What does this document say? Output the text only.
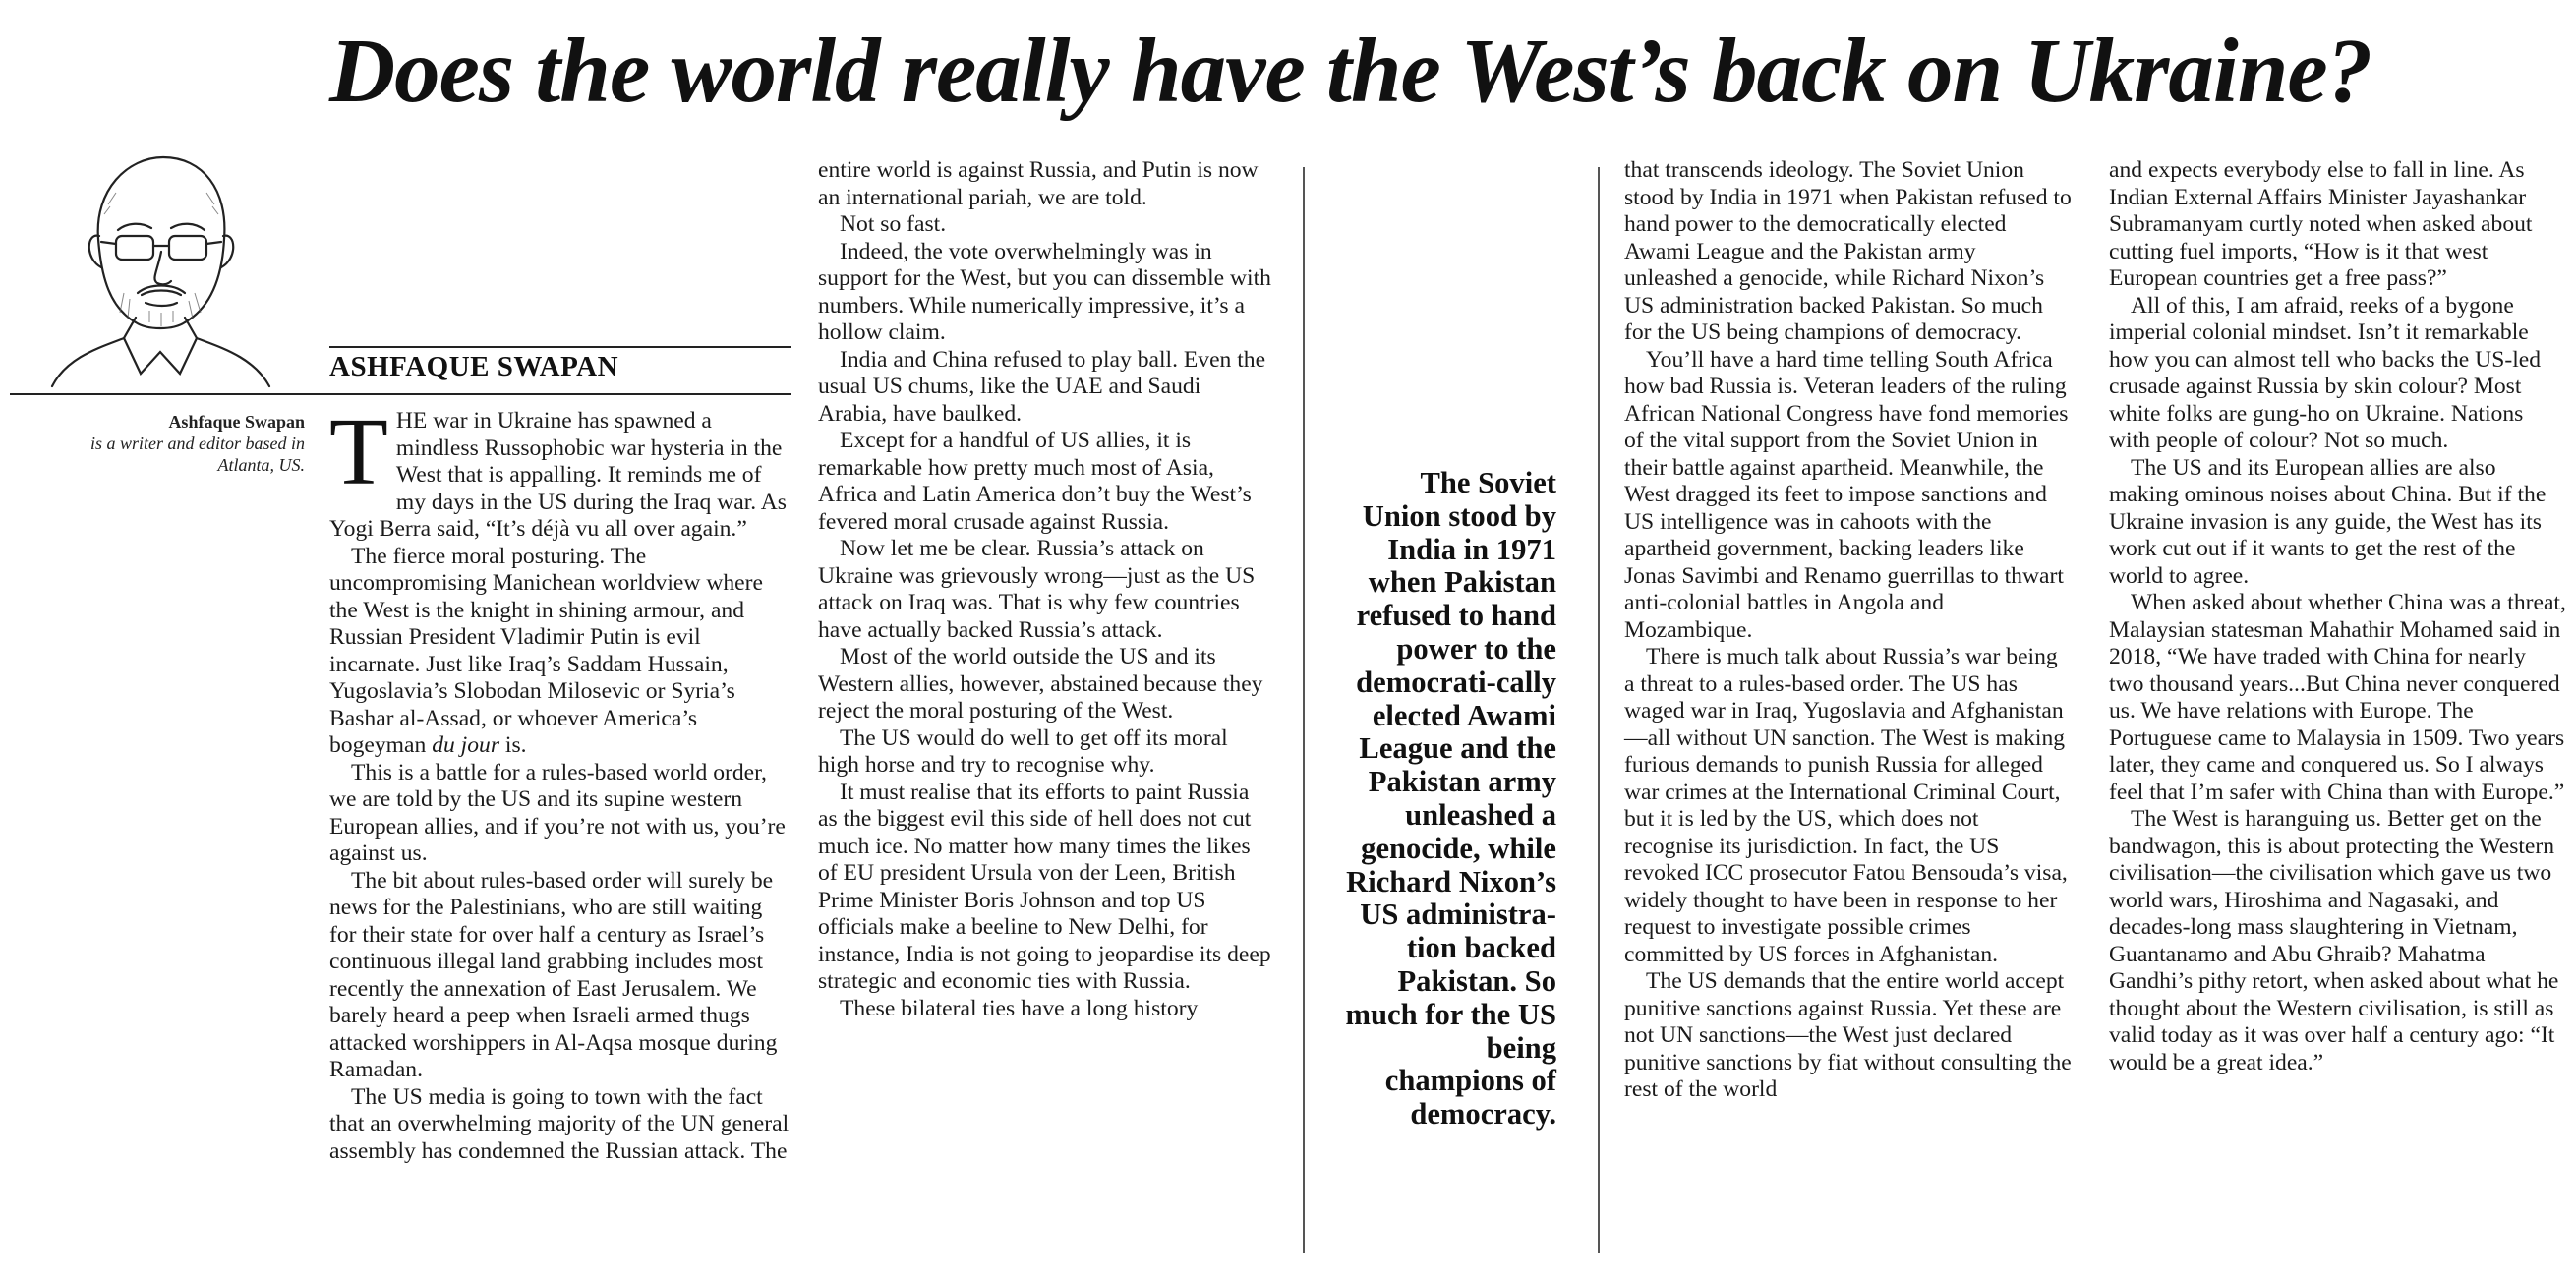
Does the world really have the West’s back on Ukraine?
ASHFAQUE SWAPAN
Ashfaque Swapan
is a writer and editor based in Atlanta, US. THE war in Ukraine has spawned a mindless Russophobic war hysteria in the West that is appalling. It reminds me of my days in the US during the Iraq war. As Yogi Berra said, “It’s déjà vu all over again.”

The fierce moral posturing. The uncompromising Manichean worldview where the West is the knight in shining armour, and Russian President Vladimir Putin is evil incarnate. Just like Iraq’s Saddam Hussain, Yugoslavia’s Slobodan Milosevic or Syria’s Bashar al-Assad, or whoever America’s bogeyman du jour is.

This is a battle for a rules-based world order, we are told by the US and its supine western European allies, and if you’re not with us, you’re against us.

The bit about rules-based order will surely be news for the Palestinians, who are still waiting for their state for over half a century as Israel’s continuous illegal land grabbing includes most recently the annexation of East Jerusalem. We barely heard a peep when Israeli armed thugs attacked worshippers in Al-Aqsa mosque during Ramadan.

The US media is going to town with the fact that an overwhelming majority of the UN general assembly has condemned the Russian attack. The

entire world is against Russia, and Putin is now an international pariah, we are told.

Not so fast.

Indeed, the vote overwhelmingly was in support for the West, but you can dissemble with numbers. While numerically impressive, it’s a hollow claim.

India and China refused to play ball. Even the usual US chums, like the UAE and Saudi Arabia, have baulked.

Except for a handful of US allies, it is remarkable how pretty much most of Asia, Africa and Latin America don’t buy the West’s fevered moral crusade against Russia.

Now let me be clear. Russia’s attack on Ukraine was grievously wrong—just as the US attack on Iraq was. That is why few countries have actually backed Russia’s attack.

Most of the world outside the US and its Western allies, however, abstained because they reject the moral posturing of the West.

The US would do well to get off its moral high horse and try to recognise why.

It must realise that its efforts to paint Russia as the biggest evil this side of hell does not cut much ice. No matter how many times the likes of EU president Ursula von der Leen, British Prime Minister Boris Johnson and top US officials make a beeline to New Delhi, for instance, India is not going to jeopardise its deep strategic and economic ties with Russia.

These bilateral ties have a long history

The Soviet Union stood by India in 1971 when Pakistan refused to hand power to the democrati-cally elected Awami League and the Pakistan army unleashed a genocide, while Richard Nixon’s US administra-tion backed Pakistan. So much for the US being champions of democracy.

that transcends ideology. The Soviet Union stood by India in 1971 when Pakistan refused to hand power to the democratically elected Awami League and the Pakistan army unleashed a genocide, while Richard Nixon’s US administration backed Pakistan. So much for the US being champions of democracy.

You’ll have a hard time telling South Africa how bad Russia is. Veteran leaders of the ruling African National Congress have fond memories of the vital support from the Soviet Union in their battle against apartheid. Meanwhile, the West dragged its feet to impose sanctions and US intelligence was in cahoots with the apartheid government, backing leaders like Jonas Savimbi and Renamo guerrillas to thwart anti-colonial battles in Angola and Mozambique.

There is much talk about Russia’s war being a threat to a rules-based order. The US has waged war in Iraq, Yugoslavia and Afghanistan—all without UN sanction. The West is making furious demands to punish Russia for alleged war crimes at the International Criminal Court, but it is led by the US, which does not recognise its jurisdiction. In fact, the US revoked ICC prosecutor Fatou Bensouda’s visa, widely thought to have been in response to her request to investigate possible crimes committed by US forces in Afghanistan.

The US demands that the entire world accept punitive sanctions against Russia. Yet these are not UN sanctions—the West just declared punitive sanctions by fiat without consulting the rest of the world

and expects everybody else to fall in line. As Indian External Affairs Minister Jayashankar Subramanyam curtly noted when asked about cutting fuel imports, “How is it that west European countries get a free pass?”

All of this, I am afraid, reeks of a bygone imperial colonial mindset. Isn’t it remarkable how you can almost tell who backs the US-led crusade against Russia by skin colour? Most white folks are gung-ho on Ukraine. Nations with people of colour? Not so much.

The US and its European allies are also making ominous noises about China. But if the Ukraine invasion is any guide, the West has its work cut out if it wants to get the rest of the world to agree.

When asked about whether China was a threat, Malaysian statesman Mahathir Mohamed said in 2018, “We have traded with China for nearly two thousand years...But China never conquered us. We have relations with Europe. The Portuguese came to Malaysia in 1509. Two years later, they came and conquered us. So I always feel that I’m safer with China than with Europe.”

The West is haranguing us. Better get on the bandwagon, this is about protecting the Western civilisation—the civilisation which gave us two world wars, Hiroshima and Nagasaki, and decades-long mass slaughtering in Vietnam, Guantanamo and Abu Ghraib? Mahatma Gandhi’s pithy retort, when asked about what he thought about the Western civilisation, is still as valid today as it was over half a century ago: “It would be a great idea.”
